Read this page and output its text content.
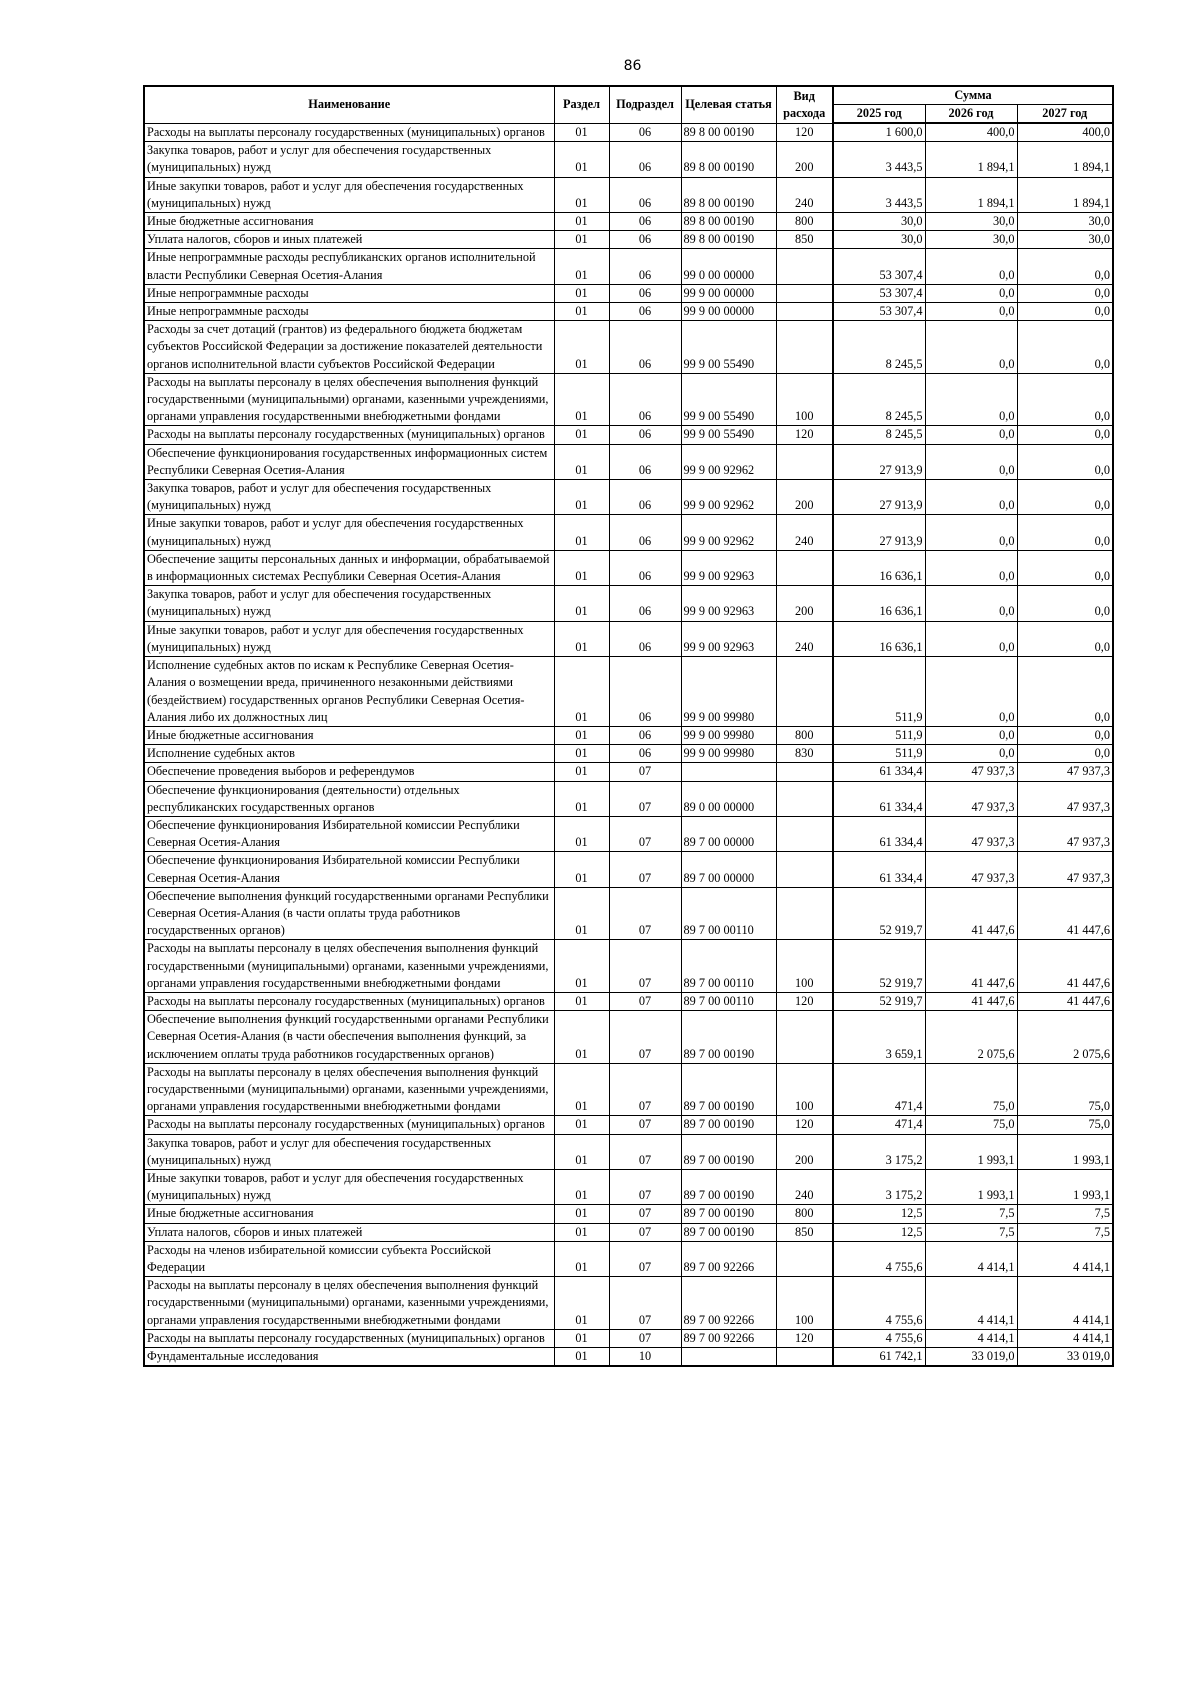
86
Наименование	Раздел	Подраздел	Целевая статья	Вид расхода	Сумма		
					2025 год	2026 год	2027 год
Расходы на выплаты персоналу государственных (муниципальных) органов	01	06	89 8 00 00190	120	1 600,0	400,0	400,0
Закупка товаров, работ и услуг для обеспечения государственных (муниципальных) нужд	01	06	89 8 00 00190	200	3 443,5	1 894,1	1 894,1
Иные закупки товаров, работ и услуг для обеспечения государственных (муниципальных) нужд	01	06	89 8 00 00190	240	3 443,5	1 894,1	1 894,1
Иные бюджетные ассигнования	01	06	89 8 00 00190	800	30,0	30,0	30,0
Уплата налогов, сборов и иных платежей	01	06	89 8 00 00190	850	30,0	30,0	30,0
Иные непрограммные расходы республиканских органов исполнительной власти Республики Северная Осетия-Алания	01	06	99 0 00 00000		53 307,4	0,0	0,0
Иные непрограммные расходы	01	06	99 9 00 00000		53 307,4	0,0	0,0
Иные непрограммные расходы	01	06	99 9 00 00000		53 307,4	0,0	0,0
Расходы за счет дотаций (грантов) из федерального бюджета бюджетам субъектов Российской Федерации за достижение показателей деятельности органов исполнительной власти субъектов Российской Федерации	01	06	99 9 00 55490		8 245,5	0,0	0,0
Расходы на выплаты персоналу в целях обеспечения выполнения функций государственными (муниципальными) органами, казенными учреждениями, органами управления государственными внебюджетными фондами	01	06	99 9 00 55490	100	8 245,5	0,0	0,0
Расходы на выплаты персоналу государственных (муниципальных) органов	01	06	99 9 00 55490	120	8 245,5	0,0	0,0
Обеспечение функционирования государственных информационных систем Республики Северная Осетия-Алания	01	06	99 9 00 92962		27 913,9	0,0	0,0
Закупка товаров, работ и услуг для обеспечения государственных (муниципальных) нужд	01	06	99 9 00 92962	200	27 913,9	0,0	0,0
Иные закупки товаров, работ и услуг для обеспечения государственных (муниципальных) нужд	01	06	99 9 00 92962	240	27 913,9	0,0	0,0
Обеспечение защиты персональных данных и информации, обрабатываемой в информационных системах Республики Северная Осетия-Алания	01	06	99 9 00 92963		16 636,1	0,0	0,0
Закупка товаров, работ и услуг для обеспечения государственных (муниципальных) нужд	01	06	99 9 00 92963	200	16 636,1	0,0	0,0
Иные закупки товаров, работ и услуг для обеспечения государственных (муниципальных) нужд	01	06	99 9 00 92963	240	16 636,1	0,0	0,0
Исполнение судебных актов по искам к Республике Северная Осетия-Алания о возмещении вреда, причиненного незаконными действиями (бездействием) государственных органов Республики Северная Осетия-Алания либо их должностных лиц	01	06	99 9 00 99980		511,9	0,0	0,0
Иные бюджетные ассигнования	01	06	99 9 00 99980	800	511,9	0,0	0,0
Исполнение судебных актов	01	06	99 9 00 99980	830	511,9	0,0	0,0
Обеспечение проведения выборов и референдумов	01	07			61 334,4	47 937,3	47 937,3
Обеспечение функционирования (деятельности) отдельных республиканских государственных органов	01	07	89 0 00 00000		61 334,4	47 937,3	47 937,3
Обеспечение функционирования Избирательной комиссии Республики Северная Осетия-Алания	01	07	89 7 00 00000		61 334,4	47 937,3	47 937,3
Обеспечение функционирования Избирательной комиссии Республики Северная Осетия-Алания	01	07	89 7 00 00000		61 334,4	47 937,3	47 937,3
Обеспечение выполнения функций государственными органами Республики Северная Осетия-Алания (в части оплаты труда работников государственных органов)	01	07	89 7 00 00110		52 919,7	41 447,6	41 447,6
Расходы на выплаты персоналу в целях обеспечения выполнения функций государственными (муниципальными) органами, казенными учреждениями, органами управления государственными внебюджетными фондами	01	07	89 7 00 00110	100	52 919,7	41 447,6	41 447,6
Расходы на выплаты персоналу государственных (муниципальных) органов	01	07	89 7 00 00110	120	52 919,7	41 447,6	41 447,6
Обеспечение выполнения функций государственными органами Республики Северная Осетия-Алания (в части обеспечения выполнения функций, за исключением оплаты труда работников государственных органов)	01	07	89 7 00 00190		3 659,1	2 075,6	2 075,6
Расходы на выплаты персоналу в целях обеспечения выполнения функций государственными (муниципальными) органами, казенными учреждениями, органами управления государственными внебюджетными фондами	01	07	89 7 00 00190	100	471,4	75,0	75,0
Расходы на выплаты персоналу государственных (муниципальных) органов	01	07	89 7 00 00190	120	471,4	75,0	75,0
Закупка товаров, работ и услуг для обеспечения государственных (муниципальных) нужд	01	07	89 7 00 00190	200	3 175,2	1 993,1	1 993,1
Иные закупки товаров, работ и услуг для обеспечения государственных (муниципальных) нужд	01	07	89 7 00 00190	240	3 175,2	1 993,1	1 993,1
Иные бюджетные ассигнования	01	07	89 7 00 00190	800	12,5	7,5	7,5
Уплата налогов, сборов и иных платежей	01	07	89 7 00 00190	850	12,5	7,5	7,5
Расходы на членов избирательной комиссии субъекта Российской Федерации	01	07	89 7 00 92266		4 755,6	4 414,1	4 414,1
Расходы на выплаты персоналу в целях обеспечения выполнения функций государственными (муниципальными) органами, казенными учреждениями, органами управления государственными внебюджетными фондами	01	07	89 7 00 92266	100	4 755,6	4 414,1	4 414,1
Расходы на выплаты персоналу государственных (муниципальных) органов	01	07	89 7 00 92266	120	4 755,6	4 414,1	4 414,1
Фундаментальные исследования	01	10			61 742,1	33 019,0	33 019,0
